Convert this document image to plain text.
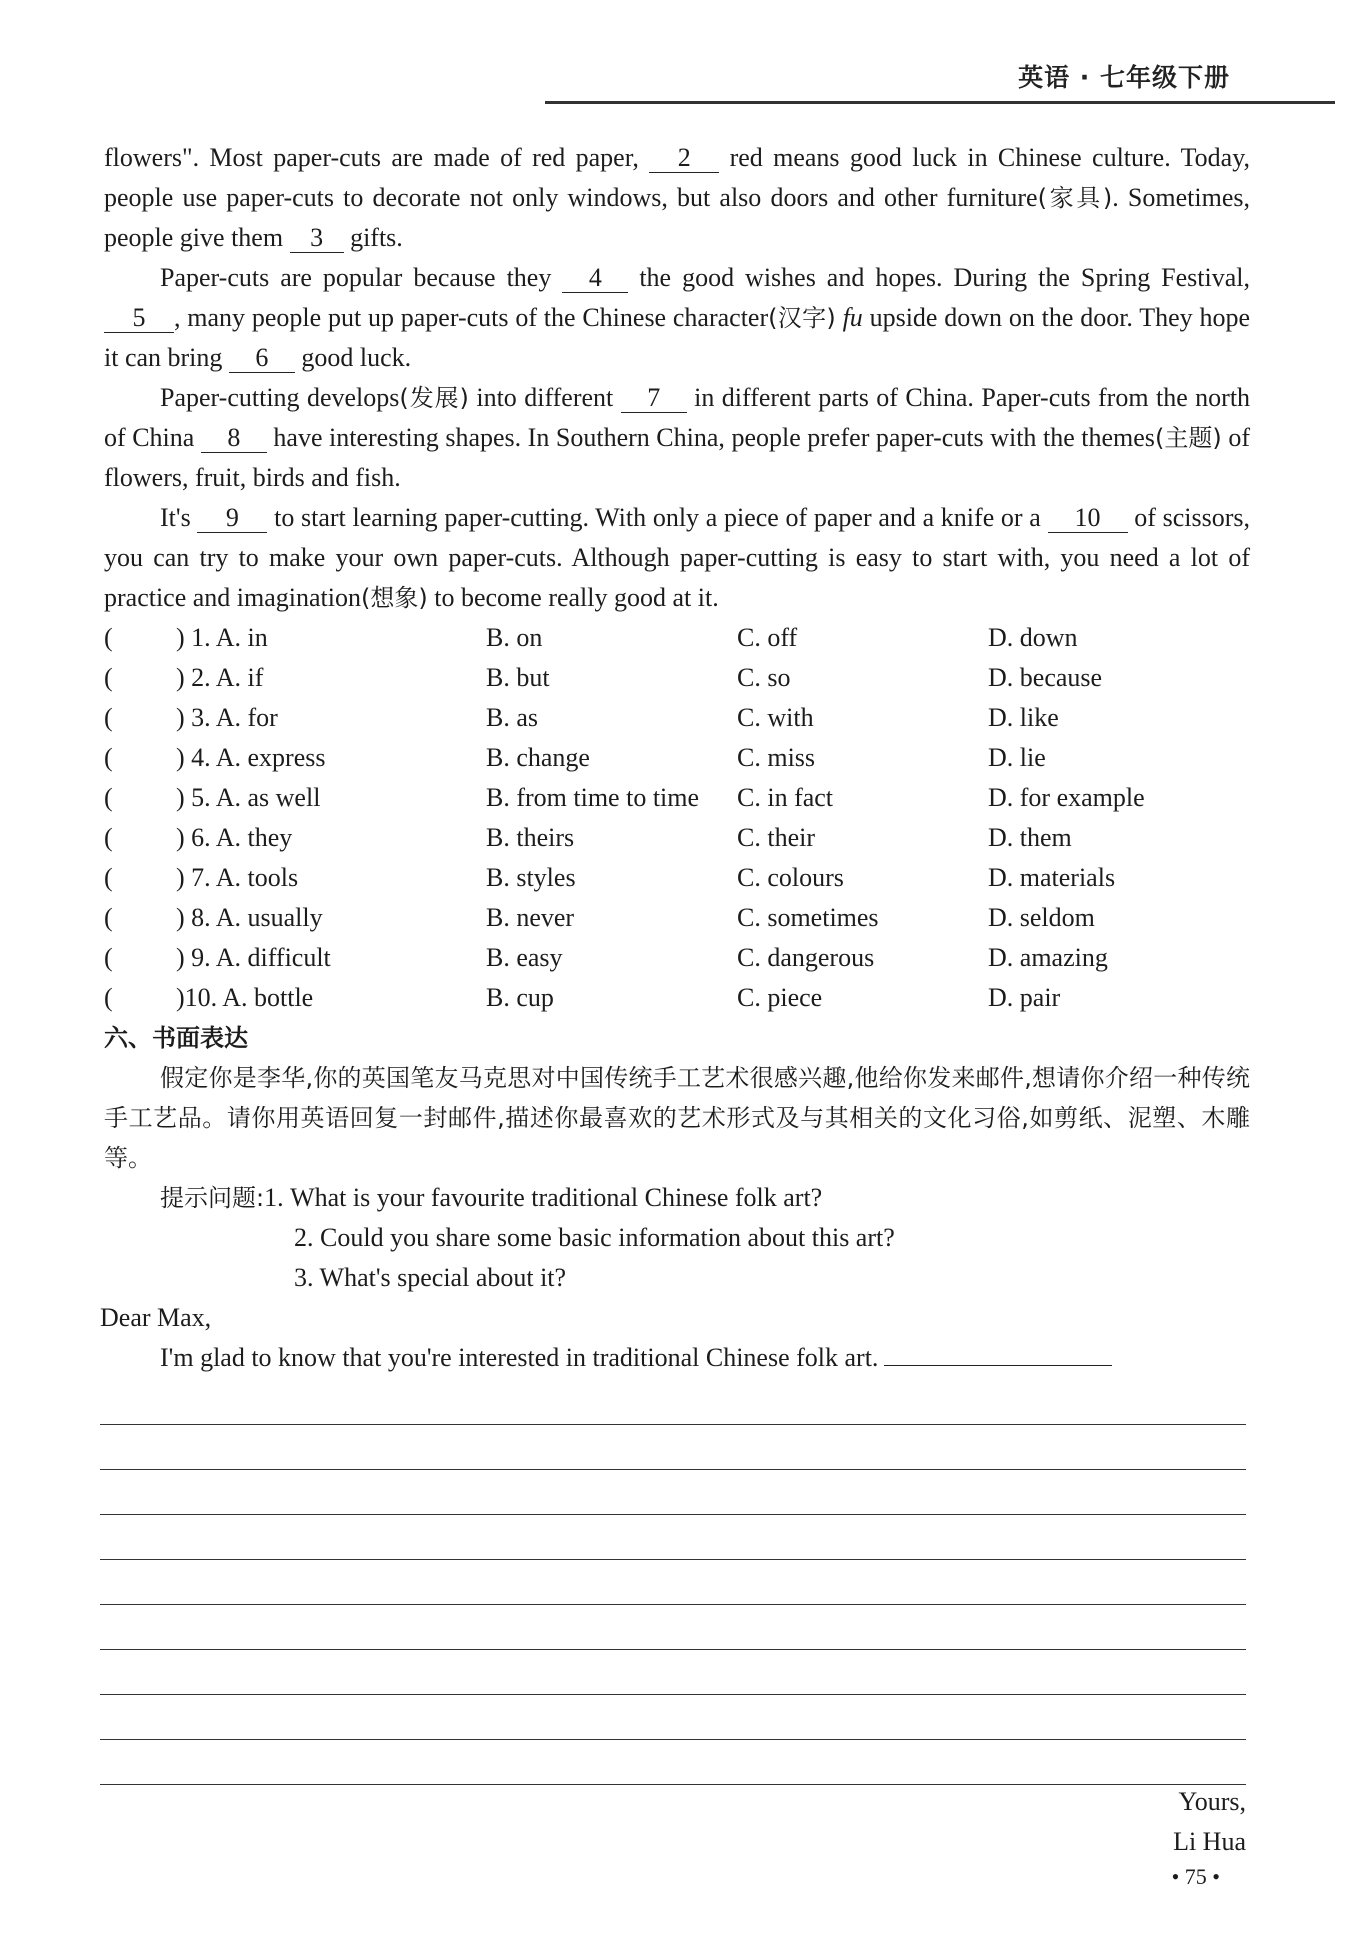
英语 · 七年级下册

flowers". Most paper-cuts are made of red paper, 2 red means good luck in Chinese culture. Today, people use paper-cuts to decorate not only windows, but also doors and other furniture(家具). Sometimes, people give them 3 gifts.

Paper-cuts are popular because they 4 the good wishes and hopes. During the Spring Festival, 5 , many people put up paper-cuts of the Chinese character(汉字) fu upside down on the door. They hope it can bring 6 good luck.

Paper-cutting develops(发展) into different 7 in different parts of China. Paper-cuts from the north of China 8 have interesting shapes. In Southern China, people prefer paper-cuts with the themes(主题) of flowers, fruit, birds and fish.

It's 9 to start learning paper-cutting. With only a piece of paper and a knife or a 10 of scissors, you can try to make your own paper-cuts. Although paper-cutting is easy to start with, you need a lot of practice and imagination(想象) to become really good at it.

( ) 1. A. in	B. on	C. off	D. down
( ) 2. A. if	B. but	C. so	D. because
( ) 3. A. for	B. as	C. with	D. like
( ) 4. A. express	B. change	C. miss	D. lie
( ) 5. A. as well	B. from time to time	C. in fact	D. for example
( ) 6. A. they	B. theirs	C. their	D. them
( ) 7. A. tools	B. styles	C. colours	D. materials
( ) 8. A. usually	B. never	C. sometimes	D. seldom
( ) 9. A. difficult	B. easy	C. dangerous	D. amazing
( )10. A. bottle	B. cup	C. piece	D. pair

六、书面表达

假定你是李华,你的英国笔友马克思对中国传统手工艺术很感兴趣,他给你发来邮件,想请你介绍一种传统手工艺品。请你用英语回复一封邮件,描述你最喜欢的艺术形式及与其相关的文化习俗,如剪纸、泥塑、木雕等。

提示问题:1. What is your favourite traditional Chinese folk art?

2. Could you share some basic information about this art?

3. What's special about it?

Dear Max,

I'm glad to know that you're interested in traditional Chinese folk art.

Yours,
Li Hua
• 75 •
